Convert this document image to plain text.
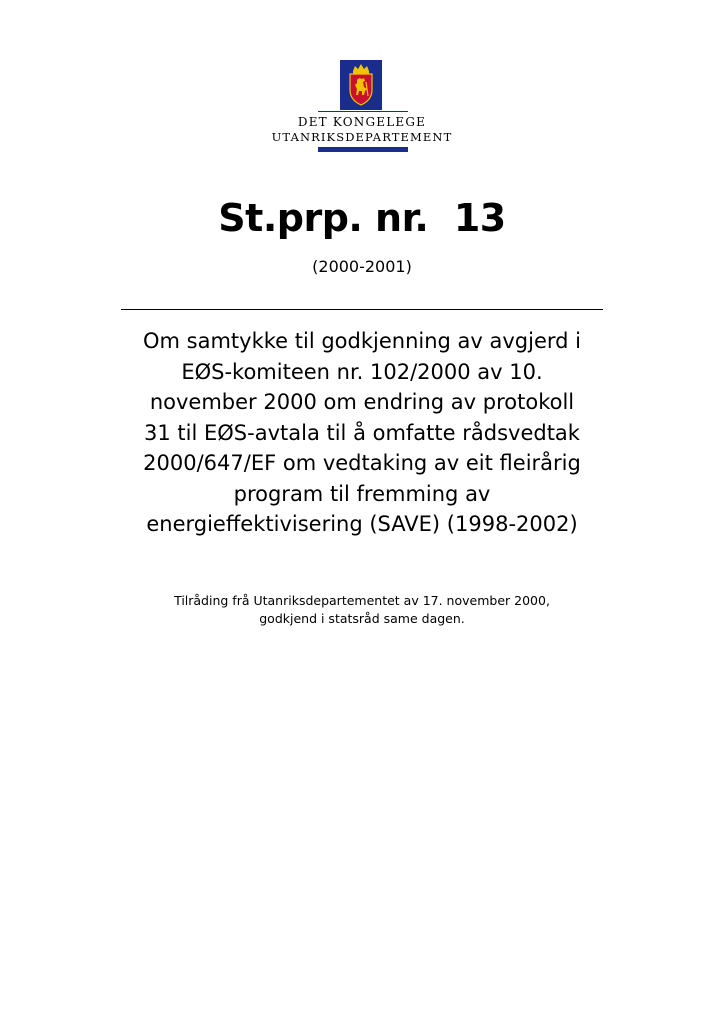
DET KONGELEGE
UTANRIKSDEPARTEMENT
St.prp. nr.  13
(2000-2001)
Om samtykke til godkjenning av avgjerd i EØS-komiteen nr. 102/2000 av 10. november 2000 om endring av protokoll 31 til EØS-avtala til å omfatte rådsvedtak 2000/647/EF om vedtaking av eit fleirårig program til fremming av energieffektivisering (SAVE) (1998-2002)
Tilråding frå Utanriksdepartementet av 17. november 2000, godkjend i statsråd same dagen.
